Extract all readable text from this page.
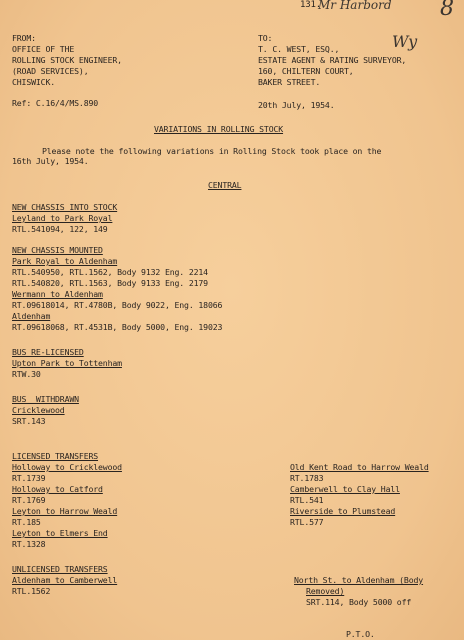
131.
Mr Harbord 8
Wy
FROM:
OFFICE OF THE
ROLLING STOCK ENGINEER,
(ROAD SERVICES),
CHISWICK.
TO:
T. C. WEST, ESQ.,
ESTATE AGENT & RATING SURVEYOR,
160, CHILTERN COURT,
BAKER STREET.
Ref: C.16/4/MS.890	20th July, 1954.
VARIATIONS IN ROLLING STOCK
Please note the following variations in Rolling Stock took place on the
16th July, 1954.
CENTRAL
NEW CHASSIS INTO STOCK
Leyland to Park Royal
RTL.541094, 122, 149
NEW CHASSIS MOUNTED
Park Royal to Aldenham
RTL.540950, RTL.1562, Body 9132 Eng. 2214
RTL.540820, RTL.1563, Body 9133 Eng. 2179
Wermann to Aldenham
RT.09618014, RT.4780B, Body 9022, Eng. 18066
Aldenham
RT.09618068, RT.4531B, Body 5000, Eng. 19023
BUS RE-LICENSED
Upton Park to Tottenham
RTW.30
BUS  WITHDRAWN
Cricklewood
SRT.143
LICENSED TRANSFERS
Holloway to Cricklewood
RT.1739
Holloway to Catford
RT.1769
Leyton to Harrow Weald
RT.185
Leyton to Elmers End
RT.1328
Old Kent Road to Harrow Weald
RT.1783
Camberwell to Clay Hall
RTL.541
Riverside to Plumstead
RTL.577
UNLICENSED TRANSFERS
Aldenham to Camberwell
RTL.1562
North St. to Aldenham (Body
Removed)
SRT.114, Body 5000 off
P.T.O.
